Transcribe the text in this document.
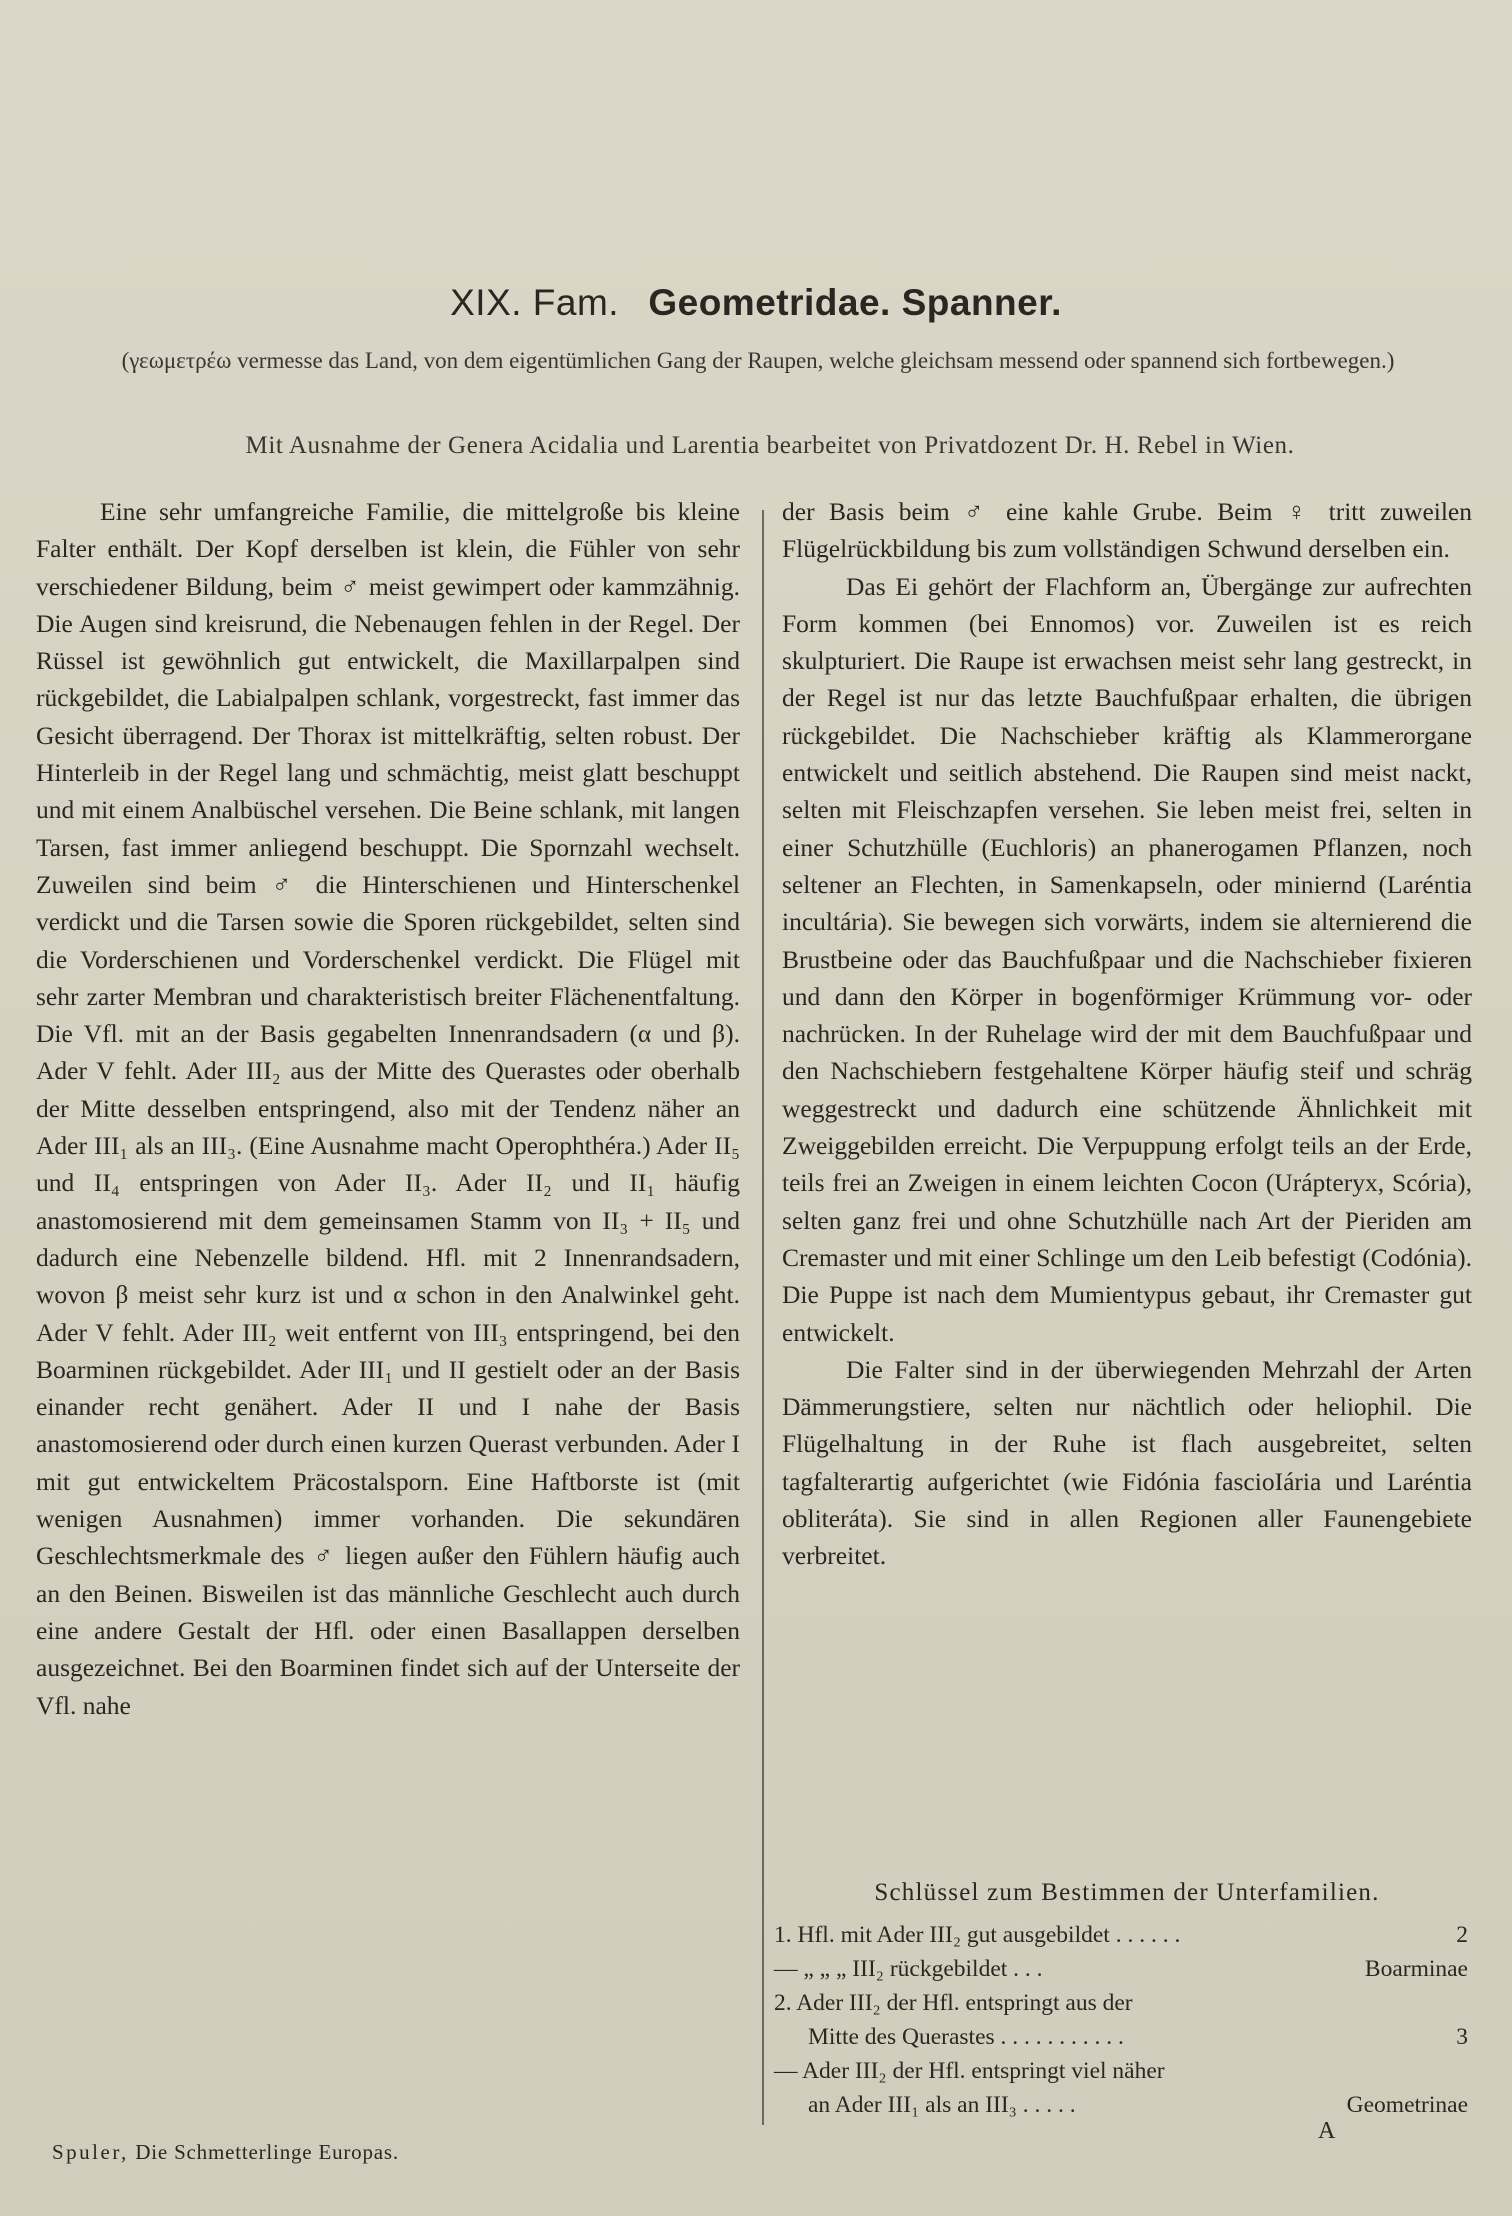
XIX. Fam. Geometridae. Spanner.
(γεωμετρέω vermesse das Land, von dem eigentümlichen Gang der Raupen, welche gleichsam messend oder spannend sich fortbewegen.)
Mit Ausnahme der Genera Acidalia und Larentia bearbeitet von Privatdozent Dr. H. Rebel in Wien.

Eine sehr umfangreiche Familie, die mittelgroße bis kleine Falter enthält. Der Kopf derselben ist klein, die Fühler von sehr verschiedener Bildung, beim ♂ meist gewimpert oder kammzähnig. Die Augen sind kreisrund, die Nebenaugen fehlen in der Regel. Der Rüssel ist gewöhnlich gut entwickelt, die Maxillarpalpen sind rückgebildet, die Labialpalpen schlank, vorgestreckt, fast immer das Gesicht überragend. Der Thorax ist mittelkräftig, selten robust. Der Hinterleib in der Regel lang und schmächtig, meist glatt beschuppt und mit einem Analbüschel versehen. Die Beine schlank, mit langen Tarsen, fast immer anliegend beschuppt. Die Spornzahl wechselt. Zuweilen sind beim ♂ die Hinterschienen und Hinterschenkel verdickt und die Tarsen sowie die Sporen rückgebildet, selten sind die Vorderschienen und Vorderschenkel verdickt. Die Flügel mit sehr zarter Membran und charakteristisch breiter Flächenentfaltung. Die Vfl. mit an der Basis gegabelten Innenrandsadern (α und β). Ader V fehlt. Ader III₂ aus der Mitte des Querastes oder oberhalb der Mitte desselben entspringend, also mit der Tendenz näher an Ader III₁ als an III₃. (Eine Ausnahme macht Operophthéra.) Ader II₅ und II₄ entspringen von Ader II₃. Ader II₂ und II₁ häufig anastomosierend mit dem gemeinsamen Stamm von II₃ + II₅ und dadurch eine Nebenzelle bildend. Hfl. mit 2 Innenrandsadern, wovon β meist sehr kurz ist und α schon in den Analwinkel geht. Ader V fehlt. Ader III₂ weit entfernt von III₃ entspringend, bei den Boarminen rückgebildet. Ader III₁ und II gestielt oder an der Basis einander recht genähert. Ader II und I nahe der Basis anastomosierend oder durch einen kurzen Querast verbunden. Ader I mit gut entwickeltem Präcostalsporn. Eine Haftborste ist (mit wenigen Ausnahmen) immer vorhanden. Die sekundären Geschlechtsmerkmale des ♂ liegen außer den Fühlern häufig auch an den Beinen. Bisweilen ist das männliche Geschlecht auch durch eine andere Gestalt der Hfl. oder einen Basallappen derselben ausgezeichnet. Bei den Boarminen findet sich auf der Unterseite der Vfl. nahe

der Basis beim ♂ eine kahle Grube. Beim ♀ tritt zuweilen Flügelrückbildung bis zum vollständigen Schwund derselben ein.

Das Ei gehört der Flachform an, Übergänge zur aufrechten Form kommen (bei Ennomos) vor. Zuweilen ist es reich skulpturiert. Die Raupe ist erwachsen meist sehr lang gestreckt, in der Regel ist nur das letzte Bauchfußpaar erhalten, die übrigen rückgebildet. Die Nachschieber kräftig als Klammerorgane entwickelt und seitlich abstehend. Die Raupen sind meist nackt, selten mit Fleischzapfen versehen. Sie leben meist frei, selten in einer Schutzhülle (Euchloris) an phanerogamen Pflanzen, noch seltener an Flechten, in Samenkapseln, oder miniernd (Laréntia incultária). Sie bewegen sich vorwärts, indem sie alternierend die Brustbeine oder das Bauchfußpaar und die Nachschieber fixieren und dann den Körper in bogenförmiger Krümmung vor- oder nachrücken. In der Ruhelage wird der mit dem Bauchfußpaar und den Nachschiebern festgehaltene Körper häufig steif und schräg weggestreckt und dadurch eine schützende Ähnlichkeit mit Zweiggebilden erreicht. Die Verpuppung erfolgt teils an der Erde, teils frei an Zweigen in einem leichten Cocon (Urápteryx, Scória), selten ganz frei und ohne Schutzhülle nach Art der Pieriden am Cremaster und mit einer Schlinge um den Leib befestigt (Codónia). Die Puppe ist nach dem Mumientypus gebaut, ihr Cremaster gut entwickelt.

Die Falter sind in der überwiegenden Mehrzahl der Arten Dämmerungstiere, selten nur nächtlich oder heliophil. Die Flügelhaltung in der Ruhe ist flach ausgebreitet, selten tagfalterartig aufgerichtet (wie Fidónia fascioIária und Laréntia obliteráta). Sie sind in allen Regionen aller Faunengebiete verbreitet.

Schlüssel zum Bestimmen der Unterfamilien.
1. Hfl. mit Ader III₂ gut ausgebildet . . . . . .	2
— „ „ „ III₂ rückgebildet . . .	Boarminae
2. Ader III₂ der Hfl. entspringt aus der
Mitte des Querastes . . . . . . . . . . .	3
— Ader III₂ der Hfl. entspringt viel näher
an Ader III₁ als an III₃ . . . . .	Geometrinae
Spuler, Die Schmetterlinge Europas.
A
